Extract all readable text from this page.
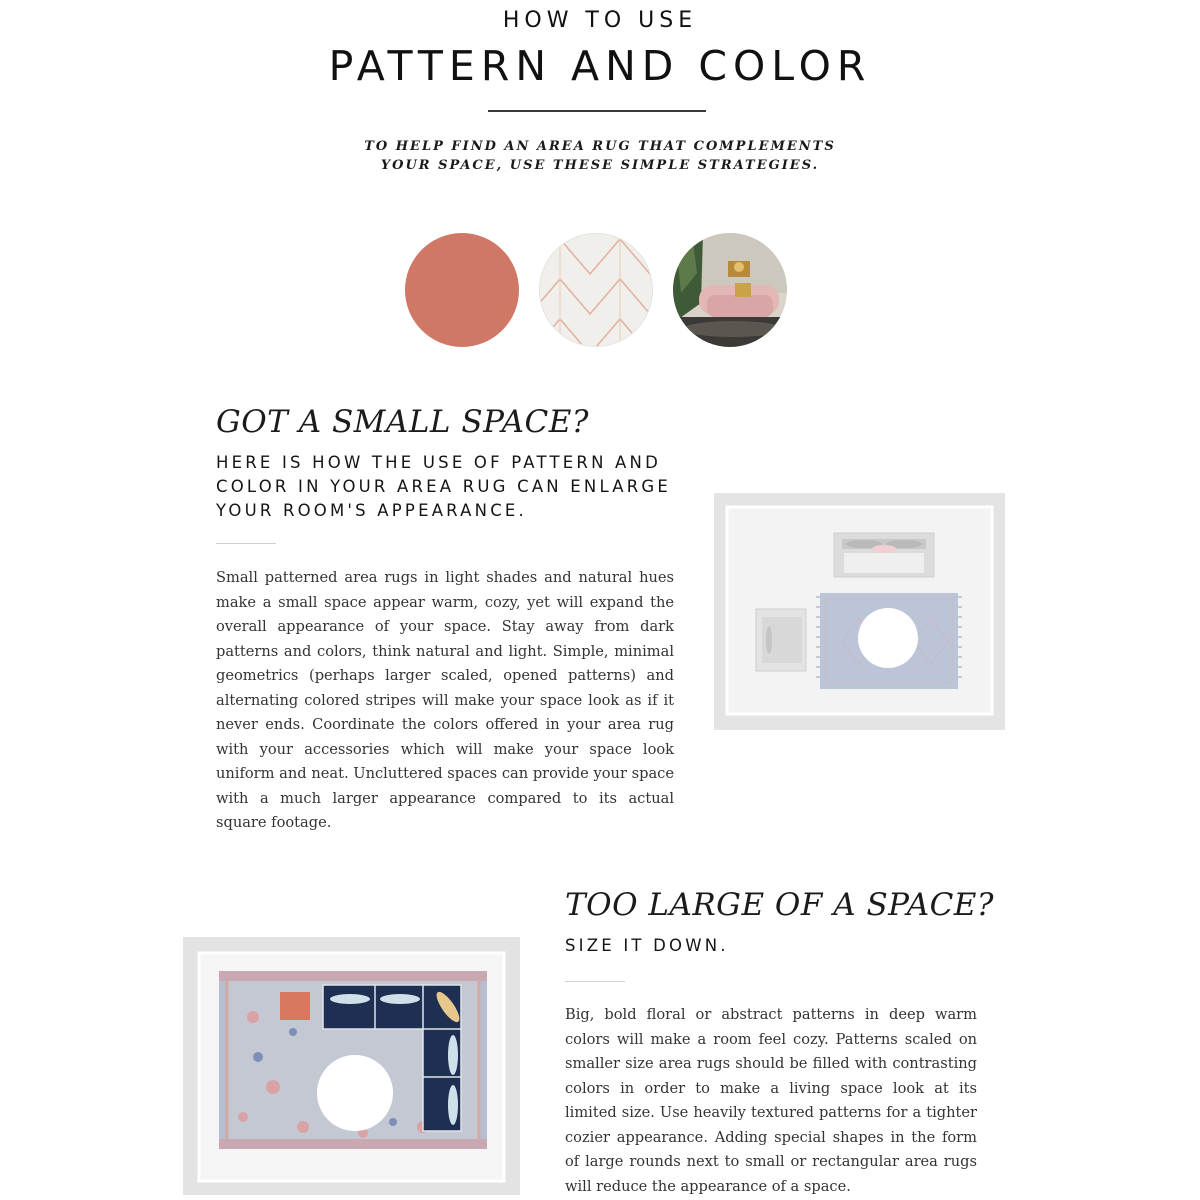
HOW TO USE
PATTERN AND COLOR
TO HELP FIND AN AREA RUG THAT COMPLEMENTS
YOUR SPACE, USE THESE SIMPLE STRATEGIES.
GOT A SMALL SPACE?
HERE IS HOW THE USE OF PATTERN AND
COLOR IN YOUR AREA RUG CAN ENLARGE
YOUR ROOM'S APPEARANCE.

Small patterned area rugs in light shades and natural hues make a small space appear warm, cozy, yet will expand the overall appearance of your space. Stay away from dark patterns and colors, think natural and light. Simple, minimal geometrics (perhaps larger scaled, opened patterns) and alternating colored stripes will make your space look as if it never ends. Coordinate the colors offered in your area rug with your accessories which will make your space look uniform and neat. Uncluttered spaces can provide your space with a much larger appearance compared to its actual square footage.

TOO LARGE OF A SPACE?
SIZE IT DOWN.

Big, bold floral or abstract patterns in deep warm colors will make a room feel cozy. Patterns scaled on smaller size area rugs should be filled with contrasting colors in order to make a living space look at its limited size. Use heavily textured patterns for a tighter cozier appearance. Adding special shapes in the form of large rounds next to small or rectangular area rugs will reduce the appearance of a space.
